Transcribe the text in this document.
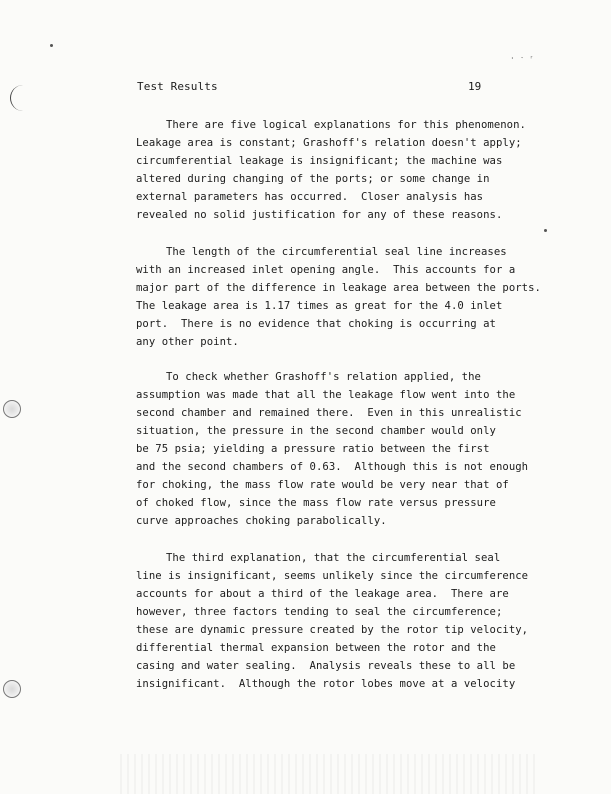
˒ ˑ ʳ
Test Results	19
There are five logical explanations for this phenomenon.
Leakage area is constant; Grashoff's relation doesn't apply;
circumferential leakage is insignificant; the machine was
altered during changing of the ports; or some change in
external parameters has occurred.  Closer analysis has
revealed no solid justification for any of these reasons.
The length of the circumferential seal line increases
with an increased inlet opening angle.  This accounts for a
major part of the difference in leakage area between the ports.
The leakage area is 1.17 times as great for the 4.0 inlet
port.  There is no evidence that choking is occurring at
any other point.
To check whether Grashoff's relation applied, the
assumption was made that all the leakage flow went into the
second chamber and remained there.  Even in this unrealistic
situation, the pressure in the second chamber would only
be 75 psia; yielding a pressure ratio between the first
and the second chambers of 0.63.  Although this is not enough
for choking, the mass flow rate would be very near that of
of choked flow, since the mass flow rate versus pressure
curve approaches choking parabolically.
The third explanation, that the circumferential seal
line is insignificant, seems unlikely since the circumference
accounts for about a third of the leakage area.  There are
however, three factors tending to seal the circumference;
these are dynamic pressure created by the rotor tip velocity,
differential thermal expansion between the rotor and the
casing and water sealing.  Analysis reveals these to all be
insignificant.  Although the rotor lobes move at a velocity
